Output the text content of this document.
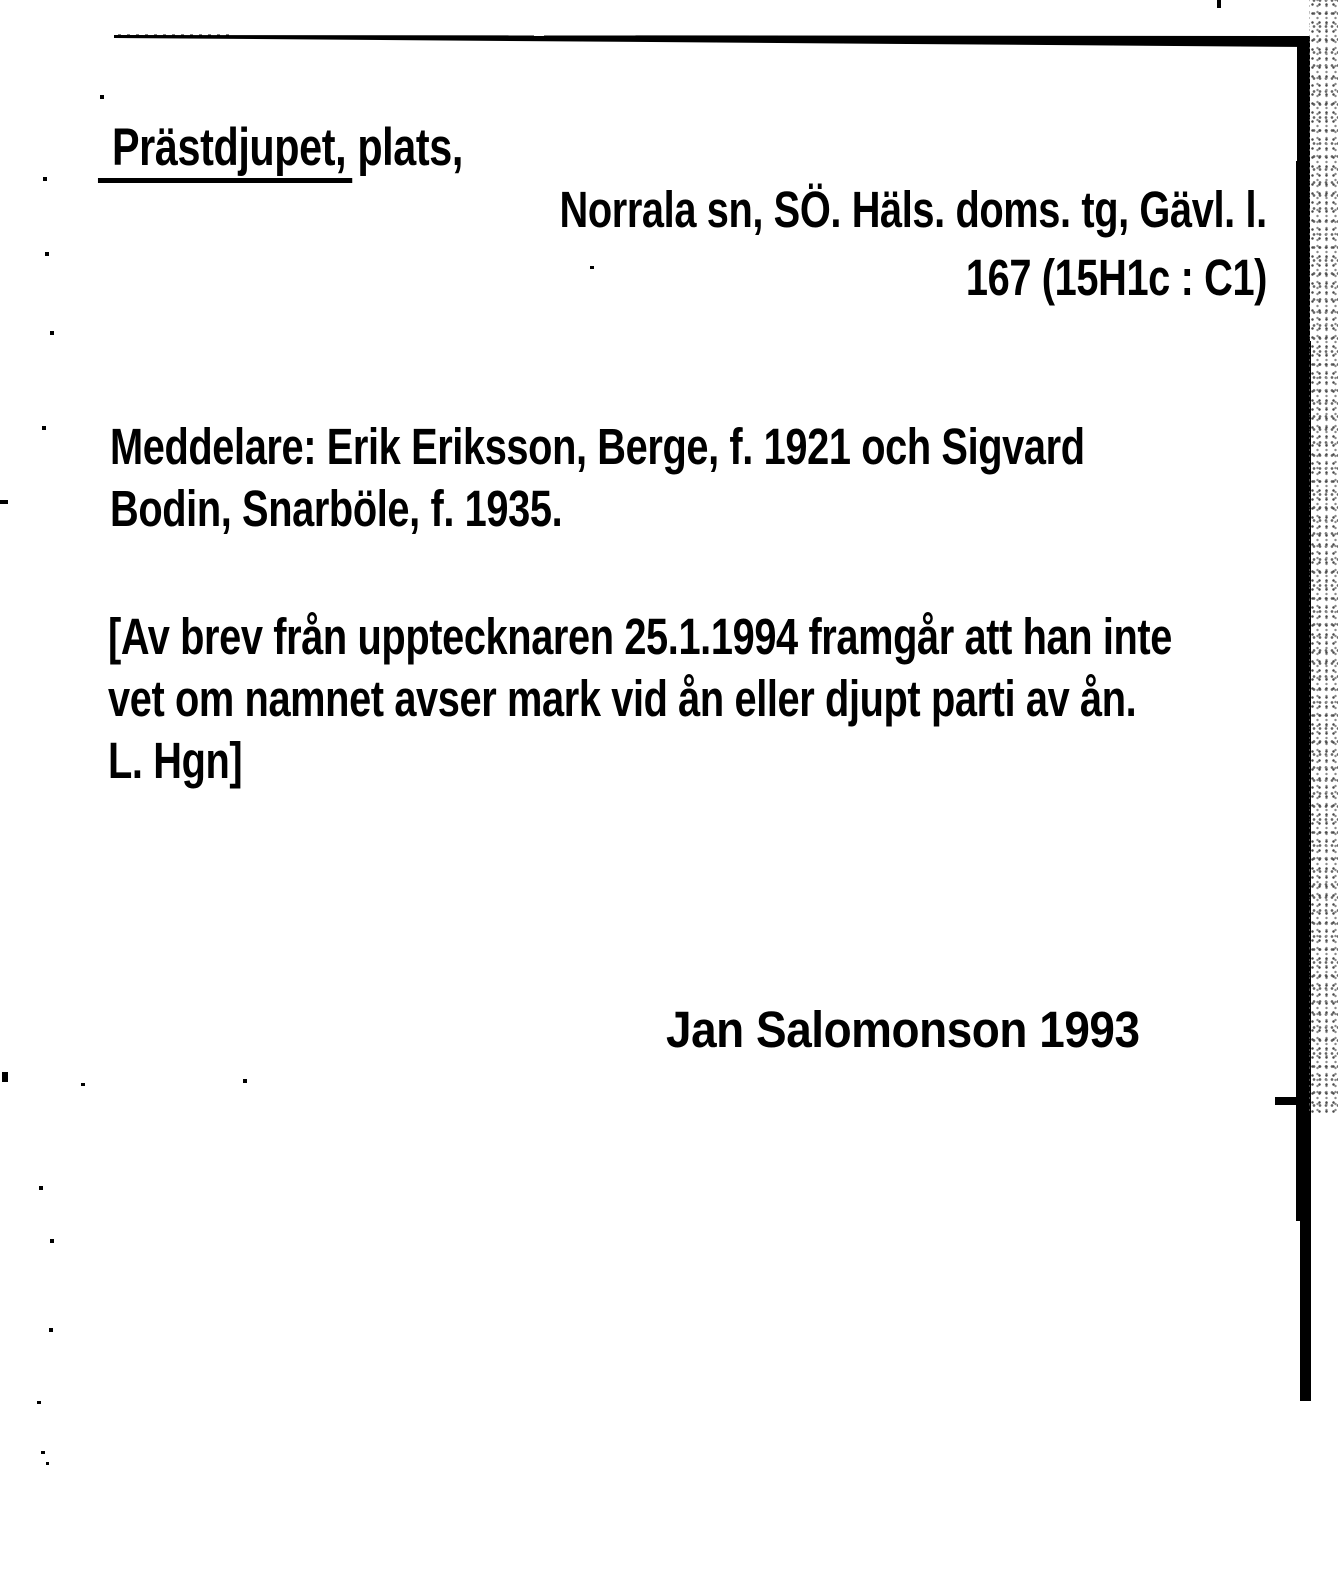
Prästdjupet, plats,
Norrala sn, SÖ. Häls. doms. tg, Gävl. l.
167 (15H1c : C1)
Meddelare: Erik Eriksson, Berge, f. 1921 och Sigvard
Bodin, Snarböle, f. 1935.
[Av brev från upptecknaren 25.1.1994 framgår att han inte
vet om namnet avser mark vid ån eller djupt parti av ån.
L. Hgn]
Jan Salomonson 1993
